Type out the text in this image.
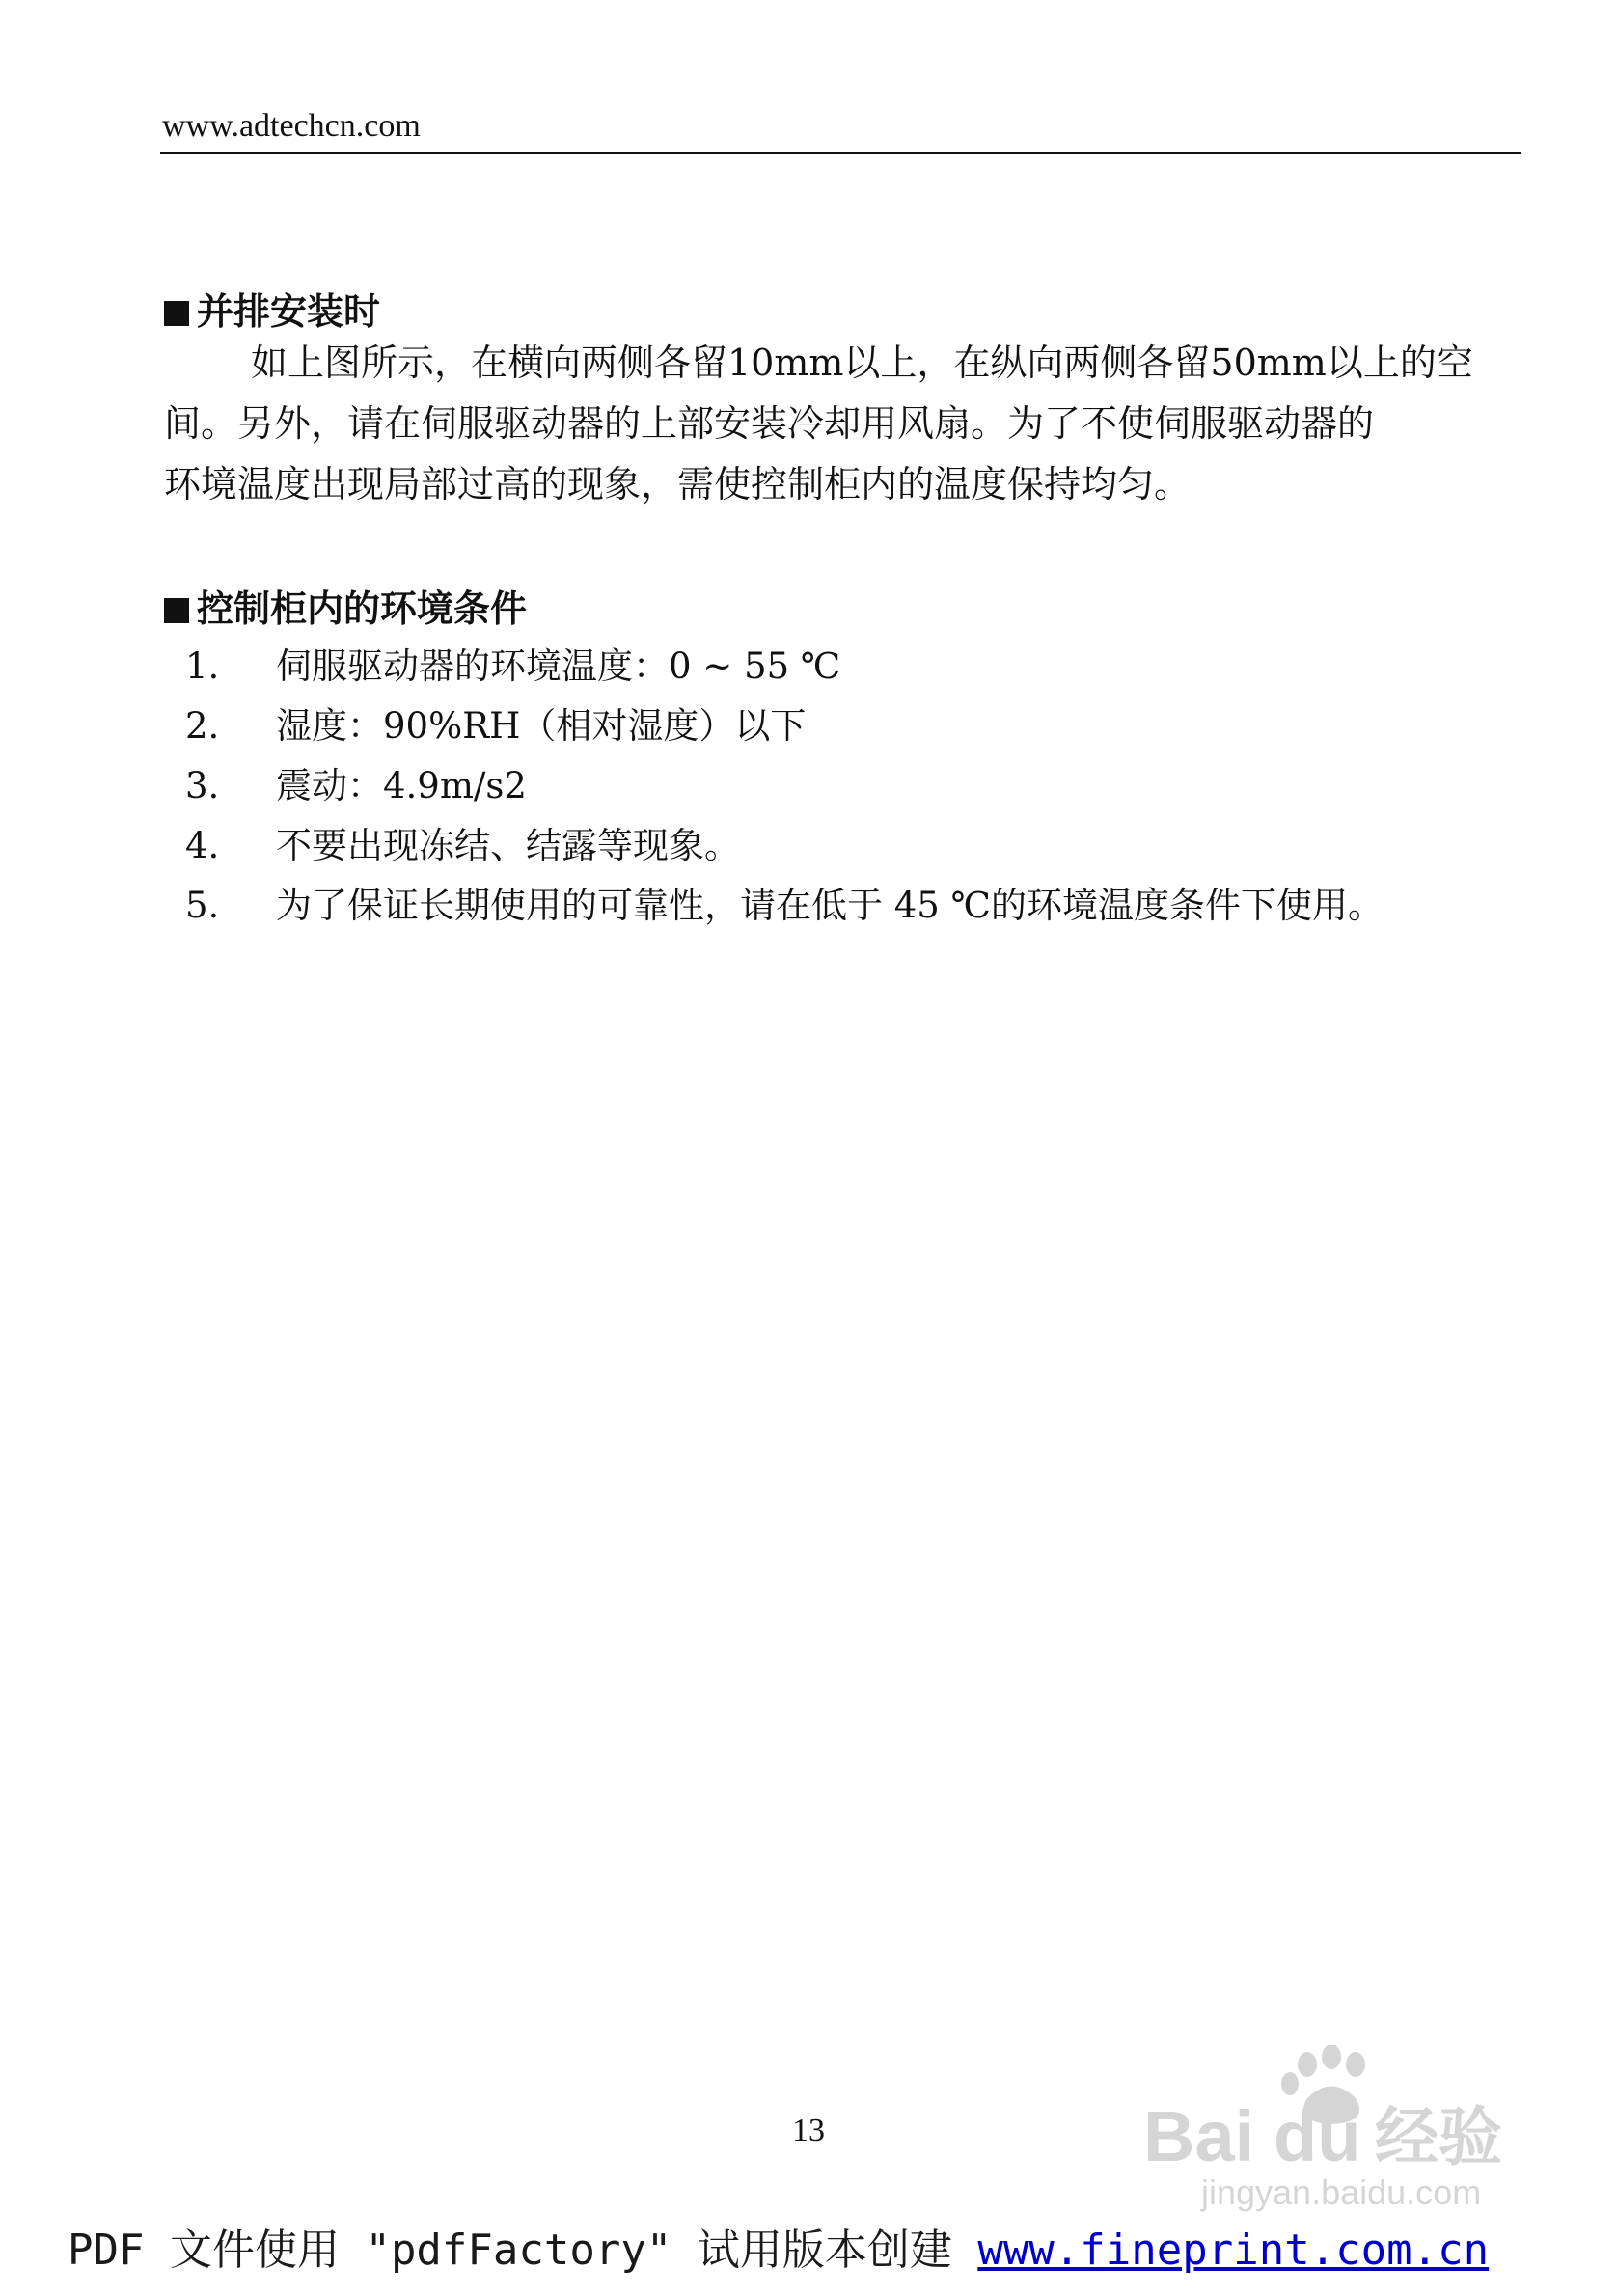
www.adtechcn.com
并排安装时
如上图所示，在横向两侧各留10mm以上，在纵向两侧各留50mm以上的空
间。另外，请在伺服驱动器的上部安装冷却用风扇。为了不使伺服驱动器的
环境温度出现局部过高的现象，需使控制柜内的温度保持均匀。
控制柜内的环境条件
1.	伺服驱动器的环境温度：0 ~ 55 ℃
2.	湿度：90%RH（相对湿度）以下
3.	震动：4.9m/s2
4.	不要出现冻结、结露等现象。
5.	为了保证长期使用的可靠性，请在低于 45 ℃的环境温度条件下使用。
Bai du 经验
jingyan.baidu.com
13
PDF 文件使用 "pdfFactory" 试用版本创建 www.fineprint.com.cn
